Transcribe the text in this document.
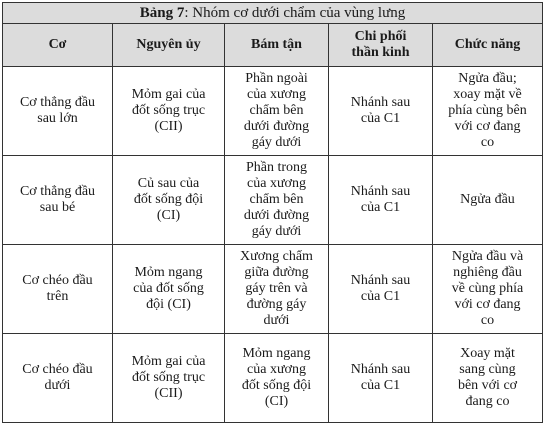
Bảng 7: Nhóm cơ dưới chẩm của vùng lưng				

Cơ	Nguyên ủy	Bám tận	Chi phối
thần kinh	Chức năng

Cơ thẳng đầu
sau lớn	Mỏm gai của
đốt sống trục
(CII)	Phần ngoài
của xương
chẩm bên
dưới đường
gáy dưới	Nhánh sau
của C1	Ngửa đầu;
xoay mặt về
phía cùng bên
với cơ đang
co

Cơ thẳng đầu
sau bé	Củ sau của
đốt sống đội
(CI)	Phần trong
của xương
chẩm bên
dưới đường
gáy dưới	Nhánh sau
của C1	Ngửa đầu

Cơ chéo đầu
trên	Mỏm ngang
của đốt sống
đội (CI)	Xương chẩm
giữa đường
gáy trên và
đường gáy
dưới	Nhánh sau
của C1	Ngửa đầu và
nghiêng đầu
về cùng phía
với cơ đang
co

Cơ chéo đầu
dưới	Mỏm gai của
đốt sống trục
(CII)	Mỏm ngang
của xương
đốt sống đội
(CI)	Nhánh sau
của C1	Xoay mặt
sang cùng
bên với cơ
đang co
